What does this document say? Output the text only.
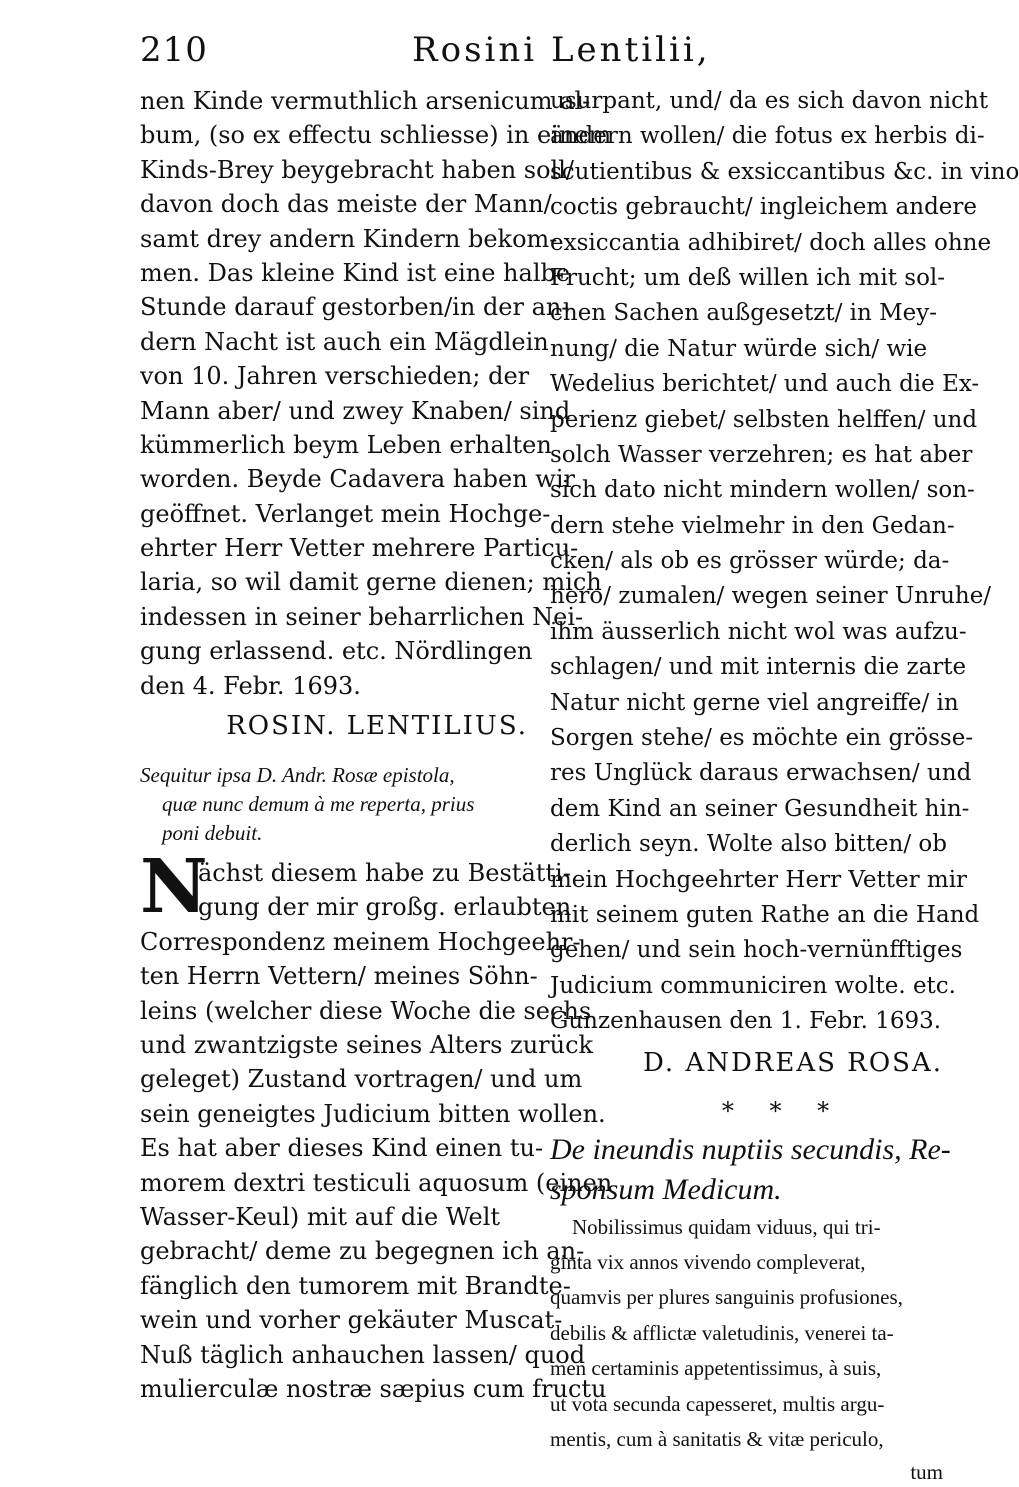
210	Rosini Lentilii,
nen Kinde vermuthlich arsenicum al-
bum, (so ex effectu schliesse) in einem
Kinds-Brey beygebracht haben soll/
davon doch das meiste der Mann/
samt drey andern Kindern bekom-
men. Das kleine Kind ist eine halbe
Stunde darauf gestorben/in der an-
dern Nacht ist auch ein Mägdlein
von 10. Jahren verschieden; der
Mann aber/ und zwey Knaben/ sind
kümmerlich beym Leben erhalten
worden. Beyde Cadavera haben wir
geöffnet. Verlanget mein Hochge-
ehrter Herr Vetter mehrere Particu-
laria, so wil damit gerne dienen; mich
indessen in seiner beharrlichen Nei-
gung erlassend. etc. Nördlingen
den 4. Febr. 1693.
ROSIN. LENTILIUS.
Sequitur ipsa D. Andr. Rosæ epistola,
quæ nunc demum à me reperta, prius
poni debuit.
N
ächst diesem habe zu Bestätti-
gung der mir großg. erlaubten
Correspondenz meinem Hochgeehr-
ten Herrn Vettern/ meines Söhn-
leins (welcher diese Woche die sechs
und zwantzigste seines Alters zurück
geleget) Zustand vortragen/ und um
sein geneigtes Judicium bitten wollen.
Es hat aber dieses Kind einen tu-
morem dextri testiculi aquosum (einen
Wasser-Keul) mit auf die Welt
gebracht/ deme zu begegnen ich an-
fänglich den tumorem mit Brandte-
wein und vorher gekäuter Muscat-
Nuß täglich anhauchen lassen/ quod
mulierculæ nostræ sæpius cum fructu
usurpant, und/ da es sich davon nicht
ändern wollen/ die fotus ex herbis di-
scutientibus & exsiccantibus &c. in vino
coctis gebraucht/ ingleichem andere
exsiccantia adhibiret/ doch alles ohne
Frucht; um deß willen ich mit sol-
chen Sachen außgesetzt/ in Mey-
nung/ die Natur würde sich/ wie
Wedelius berichtet/ und auch die Ex-
perienz giebet/ selbsten helffen/ und
solch Wasser verzehren; es hat aber
sich dato nicht mindern wollen/ son-
dern stehe vielmehr in den Gedan-
cken/ als ob es grösser würde; da-
hero/ zumalen/ wegen seiner Unruhe/
ihm äusserlich nicht wol was aufzu-
schlagen/ und mit internis die zarte
Natur nicht gerne viel angreiffe/ in
Sorgen stehe/ es möchte ein grösse-
res Unglück daraus erwachsen/ und
dem Kind an seiner Gesundheit hin-
derlich seyn. Wolte also bitten/ ob
mein Hochgeehrter Herr Vetter mir
mit seinem guten Rathe an die Hand
gehen/ und sein hoch-vernünfftiges
Judicium communiciren wolte. etc.
Gunzenhausen den 1. Febr. 1693.
D. ANDREAS ROSA.
* * *
De ineundis nuptiis secundis, Re-
sponsum Medicum.
Nobilissimus quidam viduus, qui tri-
ginta vix annos vivendo compleverat,
quamvis per plures sanguinis profusiones,
debilis & afflictæ valetudinis, venerei ta-
men certaminis appetentissimus, à suis,
ut vota secunda capesseret, multis argu-
mentis, cum à sanitatis & vitæ periculo,
tum
